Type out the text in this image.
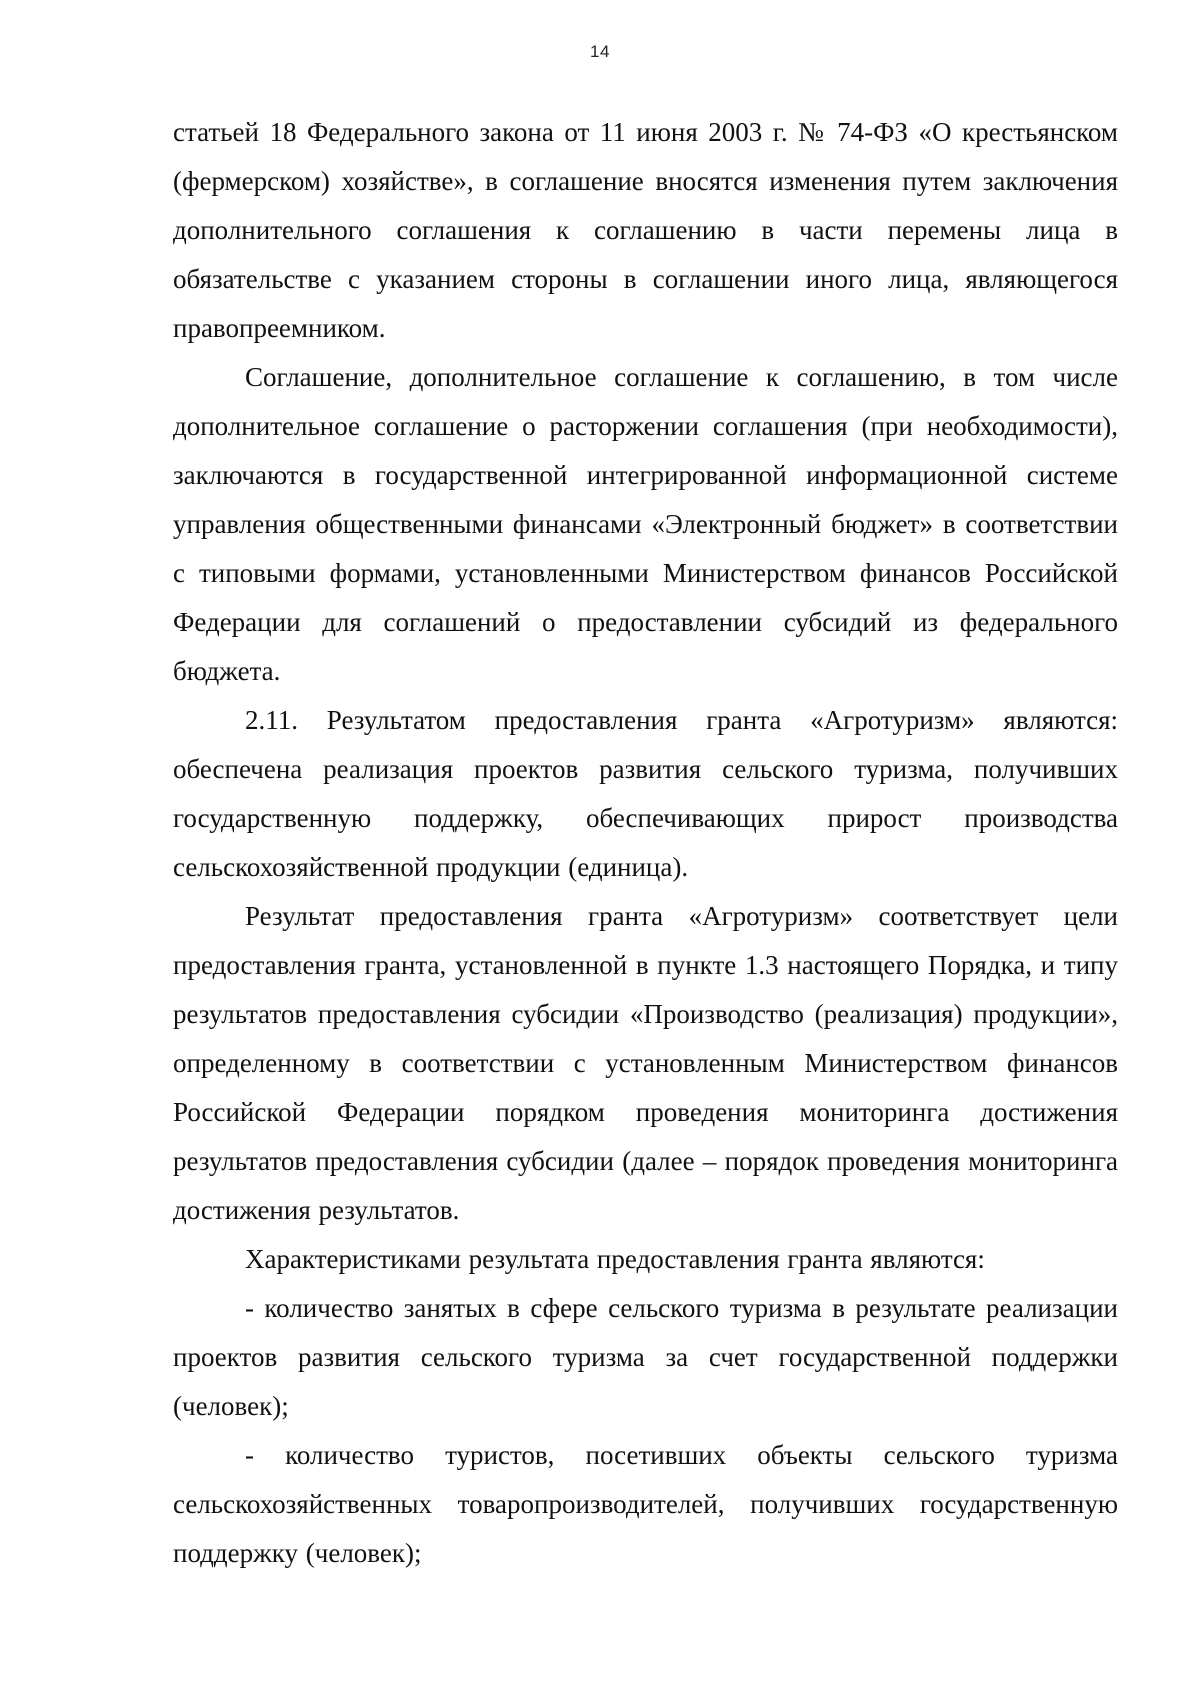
14

статьей 18 Федерального закона от 11 июня 2003 г. № 74-ФЗ «О крестьянском (фермерском) хозяйстве», в соглашение вносятся изменения путем заключения дополнительного соглашения к соглашению в части перемены лица в обязательстве с указанием стороны в соглашении иного лица, являющегося правопреемником.

Соглашение, дополнительное соглашение к соглашению, в том числе дополнительное соглашение о расторжении соглашения (при необходимости), заключаются в государственной интегрированной информационной системе управления общественными финансами «Электронный бюджет» в соответствии с типовыми формами, установленными Министерством финансов Российской Федерации для соглашений о предоставлении субсидий из федерального бюджета.

2.11. Результатом предоставления гранта «Агротуризм» являются: обеспечена реализация проектов развития сельского туризма, получивших государственную поддержку, обеспечивающих прирост производства сельскохозяйственной продукции (единица).

Результат предоставления гранта «Агротуризм» соответствует цели предоставления гранта, установленной в пункте 1.3 настоящего Порядка, и типу результатов предоставления субсидии «Производство (реализация) продукции», определенному в соответствии с установленным Министерством финансов Российской Федерации порядком проведения мониторинга достижения результатов предоставления субсидии (далее – порядок проведения мониторинга достижения результатов.

Характеристиками результата предоставления гранта являются:

- количество занятых в сфере сельского туризма в результате реализации проектов развития сельского туризма за счет государственной поддержки (человек);

- количество туристов, посетивших объекты сельского туризма сельскохозяйственных товаропроизводителей, получивших государственную поддержку (человек);
